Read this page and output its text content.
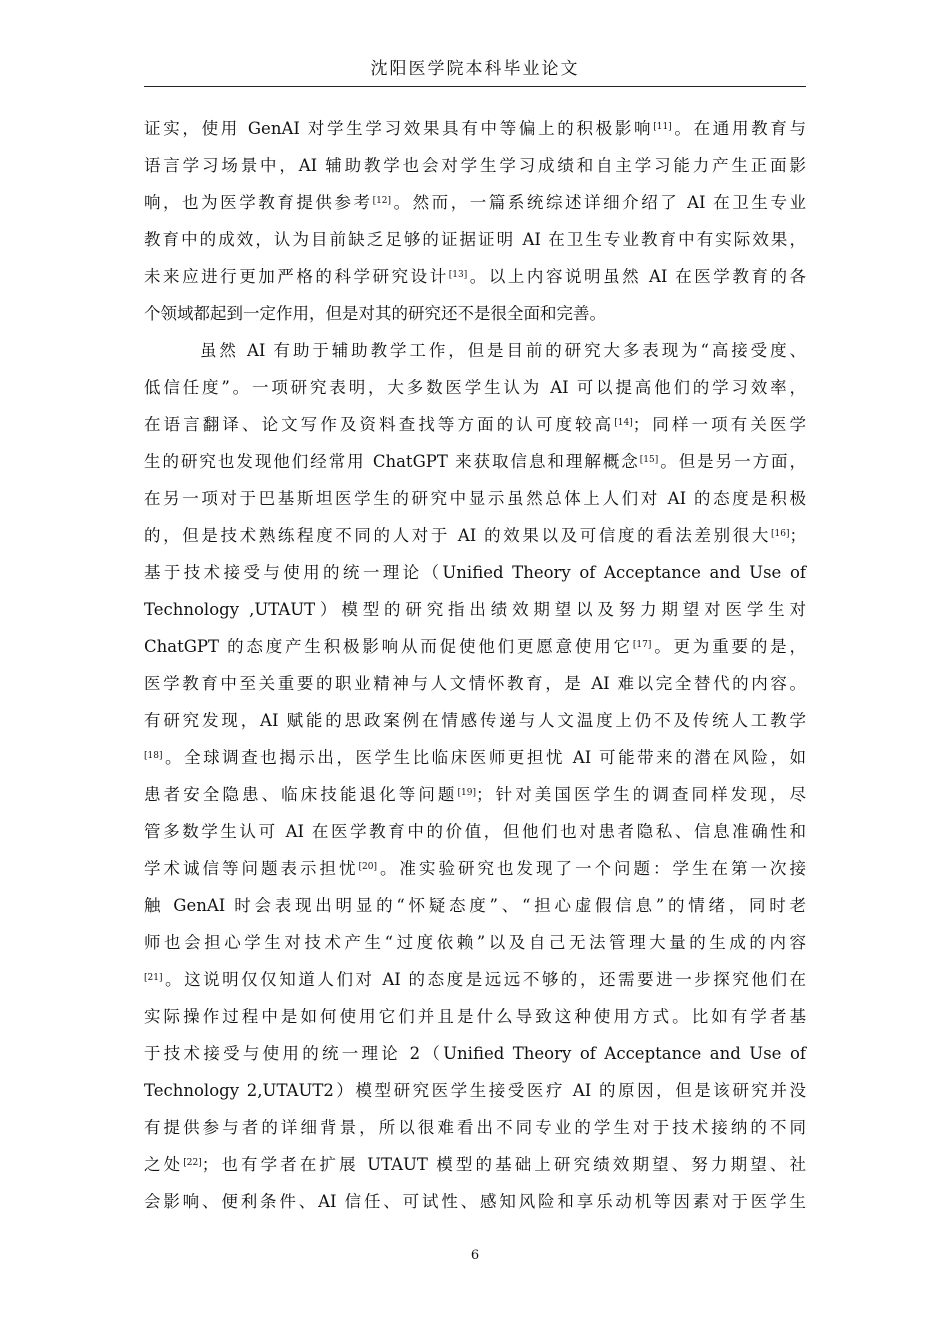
沈阳医学院本科毕业论文
证实，使用 GenAI 对学生学习效果具有中等偏上的积极影响[11]。在通用教育与
语言学习场景中，AI 辅助教学也会对学生学习成绩和自主学习能力产生正面影
响，也为医学教育提供参考[12]。然而，一篇系统综述详细介绍了 AI 在卫生专业
教育中的成效，认为目前缺乏足够的证据证明 AI 在卫生专业教育中有实际效果，
未来应进行更加严格的科学研究设计[13]。以上内容说明虽然 AI 在医学教育的各
个领域都起到一定作用，但是对其的研究还不是很全面和完善。
虽然 AI 有助于辅助教学工作，但是目前的研究大多表现为“高接受度、
低信任度”。一项研究表明，大多数医学生认为 AI 可以提高他们的学习效率，
在语言翻译、论文写作及资料查找等方面的认可度较高[14]；同样一项有关医学
生的研究也发现他们经常用 ChatGPT 来获取信息和理解概念[15]。但是另一方面，
在另一项对于巴基斯坦医学生的研究中显示虽然总体上人们对 AI 的态度是积极
的，但是技术熟练程度不同的人对于 AI 的效果以及可信度的看法差别很大[16]；
基于技术接受与使用的统一理论（Unified Theory of Acceptance and Use of
Technology ,UTAUT）模型的研究指出绩效期望以及努力期望对医学生对
ChatGPT 的态度产生积极影响从而促使他们更愿意使用它[17]。更为重要的是，
医学教育中至关重要的职业精神与人文情怀教育，是 AI 难以完全替代的内容。
有研究发现，AI 赋能的思政案例在情感传递与人文温度上仍不及传统人工教学
[18]。全球调查也揭示出，医学生比临床医师更担忧 AI 可能带来的潜在风险，如
患者安全隐患、临床技能退化等问题[19]；针对美国医学生的调查同样发现，尽
管多数学生认可 AI 在医学教育中的价值，但他们也对患者隐私、信息准确性和
学术诚信等问题表示担忧[20]。准实验研究也发现了一个问题：学生在第一次接
触 GenAI 时会表现出明显的“怀疑态度”、“担心虚假信息”的情绪，同时老
师也会担心学生对技术产生“过度依赖”以及自己无法管理大量的生成的内容
[21]。这说明仅仅知道人们对 AI 的态度是远远不够的，还需要进一步探究他们在
实际操作过程中是如何使用它们并且是什么导致这种使用方式。比如有学者基
于技术接受与使用的统一理论 2（Unified Theory of Acceptance and Use of
Technology 2,UTAUT2）模型研究医学生接受医疗 AI 的原因，但是该研究并没
有提供参与者的详细背景，所以很难看出不同专业的学生对于技术接纳的不同
之处[22]；也有学者在扩展 UTAUT 模型的基础上研究绩效期望、努力期望、社
会影响、便利条件、AI 信任、可试性、感知风险和享乐动机等因素对于医学生
6
